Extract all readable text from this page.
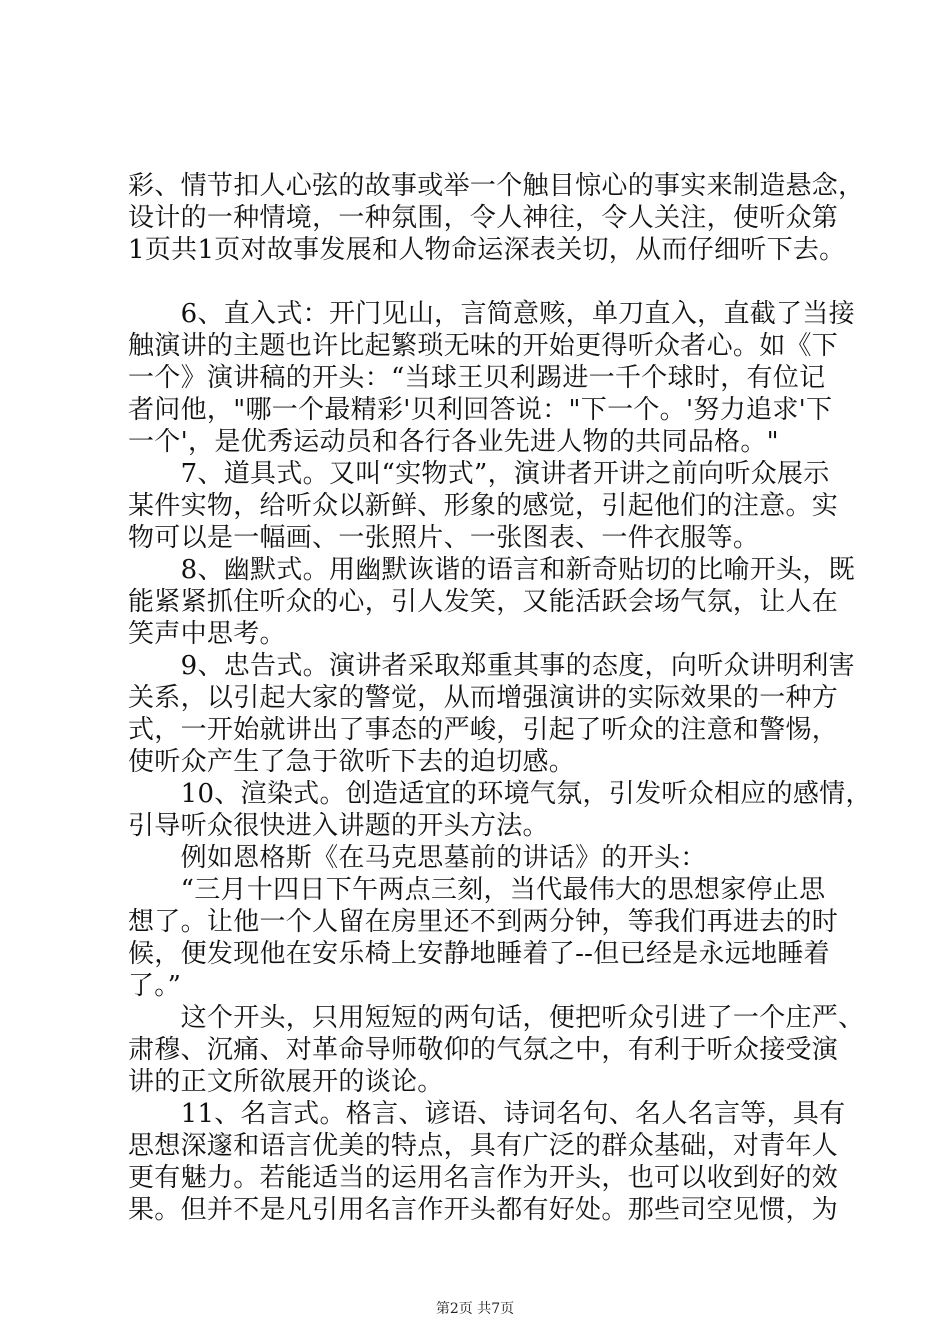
彩、情节扣人心弦的故事或举一个触目惊心的事实来制造悬念，
设计的一种情境，一种氛围，令人神往，令人关注，使听众第
1页共1页对故事发展和人物命运深表关切，从而仔细听下去。
　　6、直入式：开门见山，言简意赅，单刀直入，直截了当接
触演讲的主题也许比起繁琐无味的开始更得听众者心。如《下
一个》演讲稿的开头：“当球王贝利踢进一千个球时，有位记
者问他，"哪一个最精彩'贝利回答说："下一个。'努力追求'下
一个'，是优秀运动员和各行各业先进人物的共同品格。"
　　7、道具式。又叫“实物式”，演讲者开讲之前向听众展示
某件实物，给听众以新鲜、形象的感觉，引起他们的注意。实
物可以是一幅画、一张照片、一张图表、一件衣服等。
　　8、幽默式。用幽默诙谐的语言和新奇贴切的比喻开头，既
能紧紧抓住听众的心，引人发笑，又能活跃会场气氛，让人在
笑声中思考。
　　9、忠告式。演讲者采取郑重其事的态度，向听众讲明利害
关系，以引起大家的警觉，从而增强演讲的实际效果的一种方
式，一开始就讲出了事态的严峻，引起了听众的注意和警惕，
使听众产生了急于欲听下去的迫切感。
　　10、渲染式。创造适宜的环境气氛，引发听众相应的感情，
引导听众很快进入讲题的开头方法。
　　例如恩格斯《在马克思墓前的讲话》的开头：
　　“三月十四日下午两点三刻，当代最伟大的思想家停止思
想了。让他一个人留在房里还不到两分钟，等我们再进去的时
候，便发现他在安乐椅上安静地睡着了--但已经是永远地睡着
了。”
　　这个开头，只用短短的两句话，便把听众引进了一个庄严、
肃穆、沉痛、对革命导师敬仰的气氛之中，有利于听众接受演
讲的正文所欲展开的谈论。
　　11、名言式。格言、谚语、诗词名句、名人名言等，具有
思想深邃和语言优美的特点，具有广泛的群众基础，对青年人
更有魅力。若能适当的运用名言作为开头，也可以收到好的效
果。但并不是凡引用名言作开头都有好处。那些司空见惯，为
第2页 共7页
